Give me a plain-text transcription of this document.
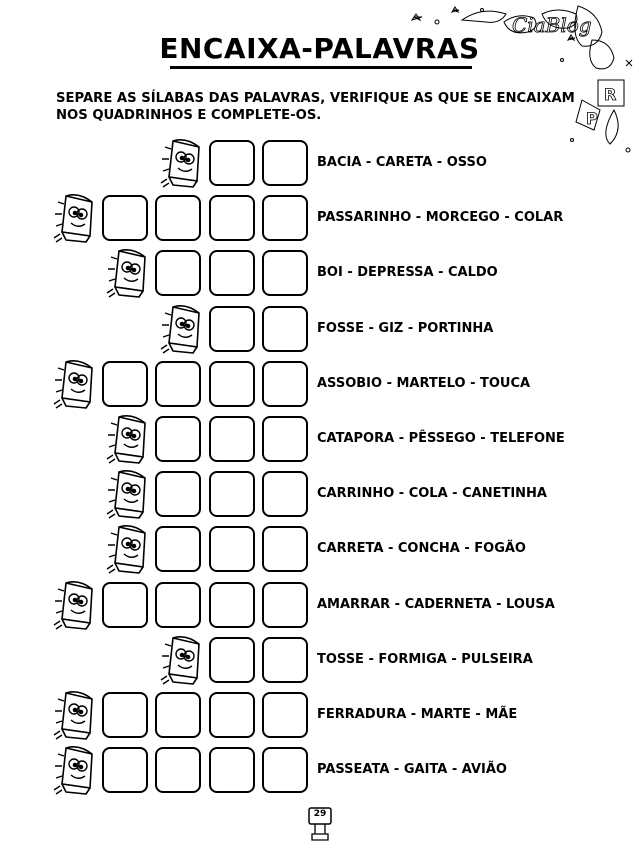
CiaBlog
R
P
ENCAIXA-PALAVRAS
SEPARE AS SÍLABAS DAS PALAVRAS, VERIFIQUE AS QUE SE ENCAIXAM
NOS QUADRINHOS E COMPLETE-OS.
BACIA - CARETA - OSSO
PASSARINHO - MORCEGO - COLAR
BOI - DEPRESSA - CALDO
FOSSE - GIZ - PORTINHA
ASSOBIO - MARTELO - TOUCA
CATAPORA - PÊSSEGO - TELEFONE
CARRINHO - COLA - CANETINHA
CARRETA - CONCHA - FOGÃO
AMARRAR - CADERNETA - LOUSA
TOSSE - FORMIGA - PULSEIRA
FERRADURA - MARTE - MÃE
PASSEATA - GAITA - AVIÃO
29
